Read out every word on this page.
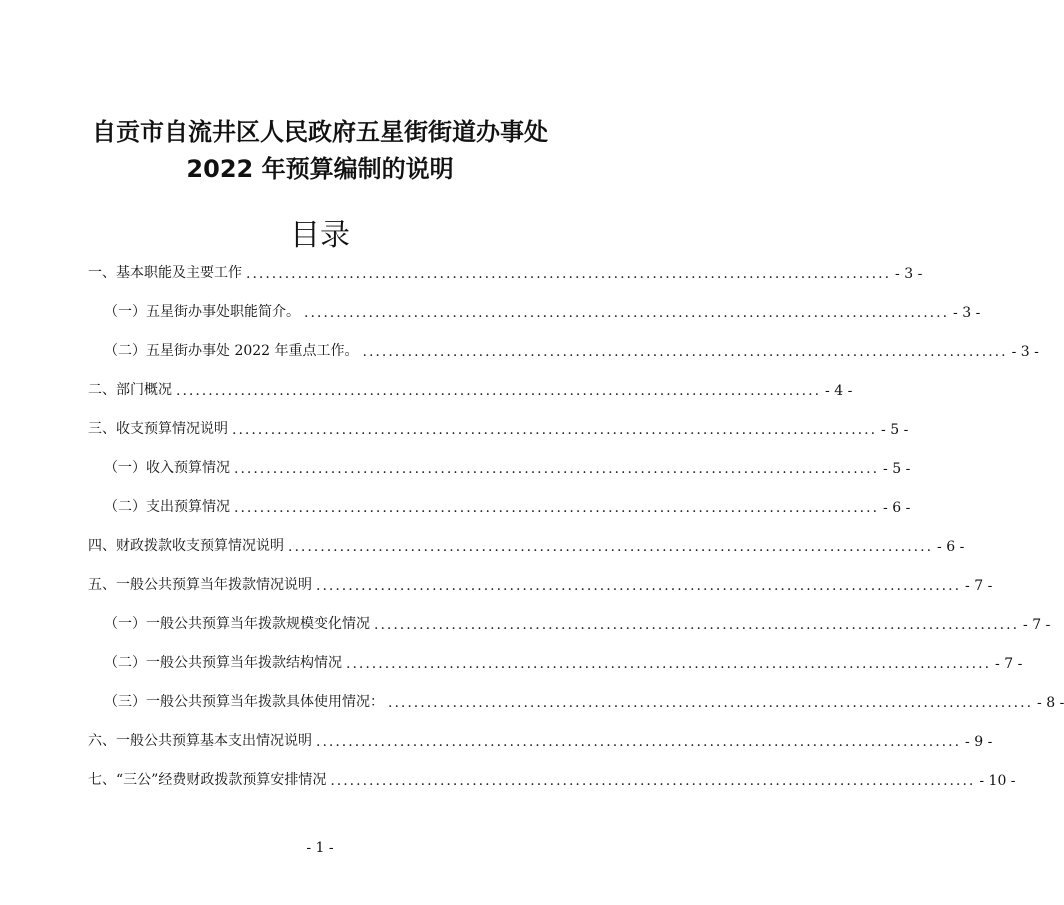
自贡市自流井区人民政府五星街街道办事处
2022 年预算编制的说明
目录
一、基本职能及主要工作 .................................................................................................... - 3 -
（一）五星街办事处职能简介。 .................................................................................................... - 3 -
（二）五星街办事处 2022 年重点工作。 .................................................................................................... - 3 -
二、部门概况 .................................................................................................... - 4 -
三、收支预算情况说明 .................................................................................................... - 5 -
（一）收入预算情况 .................................................................................................... - 5 -
（二）支出预算情况 .................................................................................................... - 6 -
四、财政拨款收支预算情况说明 .................................................................................................... - 6 -
五、一般公共预算当年拨款情况说明 .................................................................................................... - 7 -
（一）一般公共预算当年拨款规模变化情况 .................................................................................................... - 7 -
（二）一般公共预算当年拨款结构情况 .................................................................................................... - 7 -
（三）一般公共预算当年拨款具体使用情况： .................................................................................................... - 8 -
六、一般公共预算基本支出情况说明 .................................................................................................... - 9 -
七、“三公”经费财政拨款预算安排情况 .................................................................................................... - 10 -
- 1 -
